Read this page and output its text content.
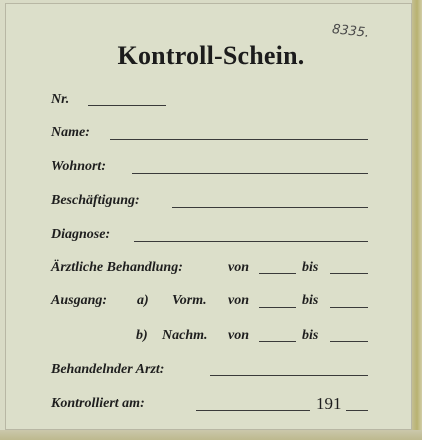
8335.
Kontroll-Schein.
Nr.
Name:
Wohnort:
Beschäftigung:
Diagnose:
Ärztliche Behandlung:	von	bis
Ausgang: a) Vorm. von	bis
b) Nachm. von	bis
Behandelnder Arzt:
Kontrolliert am:	191
